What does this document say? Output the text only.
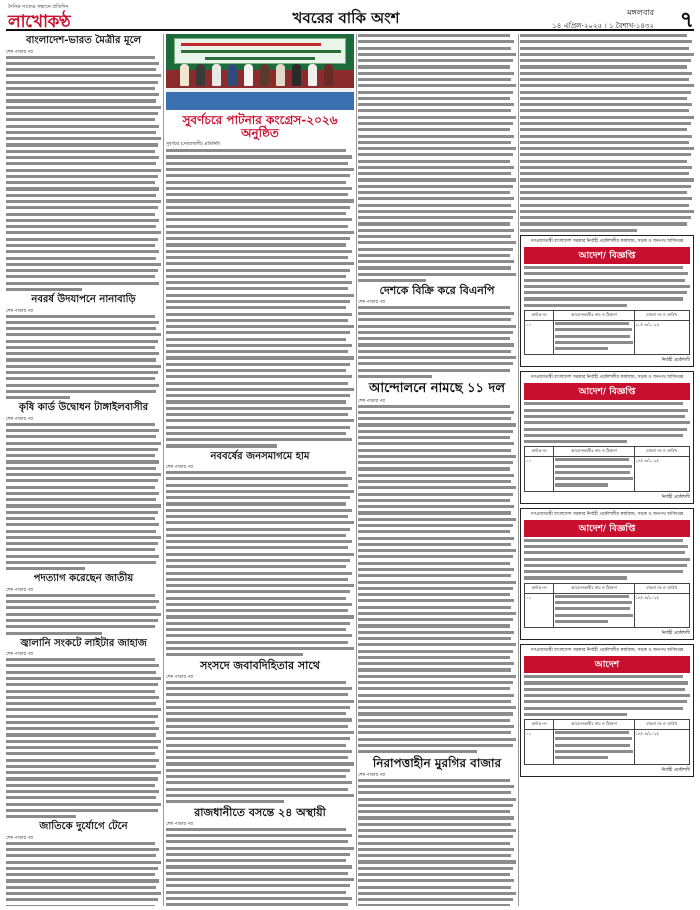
দৈনিক সত্যের সন্ধানে প্রতিদিন
লাখোকণ্ঠ	খবরের বাকি অংশ	মঙ্গলবার
১৪ এপ্রিল-২০২৫ । ১ বৈশাখ-১৪৩২ ৭
বাংলাদেশ-ভারত মৈত্রীর মূলে
শেষ পাতার পর
নবরর্ষ উদযাপনে নানাবাড়ি
শেষ পাতার পর
কৃষি কার্ড উদ্বোধন টাঙ্গাইলবাসীর
শেষ পাতার পর
পদত্যাগ করেছেন জাতীয়
শেষ পাতার পর
জ্বালানি সংকটে লাইটার জাহাজ
শেষ পাতার পর
জাতিকে দুর্যোগে টেনে
শেষ পাতার পর
সুবর্ণচরে পাটনার কংগ্রেস-২০২৬ অনুষ্ঠিত
সুবর্ণচর (নোয়াখালী) প্রতিনিধি
নববর্ষের জনসমাগমে হাম
শেষ পাতার পর
সংসদে জবাবদিহিতার সাথে
শেষ পাতার পর
রাজধানীতে বসন্তে ২৪ অস্থায়ী
শেষ পাতার পর
দেশকে বিক্রি করে বিএনপি
শেষ পাতার পর
আন্দোলনে নামছে ১১ দল
শেষ পাতার পর
নিরাপত্তাহীন মুরগির বাজার
শেষ পাতার পর
গণপ্রজাতন্ত্রী বাংলাদেশ সরকার নির্বাহী প্রকৌশলীর কার্যালয়, সড়ক ও জনপথ অধিদপ্তর
আদেশ/ বিজ্ঞপ্তি
ক্রমিক নং	আবেদনকারীর নাম ও ঠিকানা	মামলা নং ও তারিখ
০১		২০/০৪/২০২৫
নির্বাহী প্রকৌশলী
গণপ্রজাতন্ত্রী বাংলাদেশ সরকার নির্বাহী প্রকৌশলীর কার্যালয়, সড়ক ও জনপথ অধিদপ্তর
আদেশ/ বিজ্ঞপ্তি
ক্রমিক নং	আবেদনকারীর নাম ও ঠিকানা	মামলা নং ও তারিখ
০১		১৪/০৪/২০২৫
নির্বাহী প্রকৌশলী
গণপ্রজাতন্ত্রী বাংলাদেশ সরকার নির্বাহী প্রকৌশলীর কার্যালয়, সড়ক ও জনপথ অধিদপ্তর
আদেশ/ বিজ্ঞপ্তি
ক্রমিক নং	আবেদনকারীর নাম ও ঠিকানা	মামলা নং ও তারিখ
০১		১৪/০৪/২০২৫
নির্বাহী প্রকৌশলী
গণপ্রজাতন্ত্রী বাংলাদেশ সরকার নির্বাহী প্রকৌশলীর কার্যালয়, সড়ক ও জনপথ অধিদপ্তর
আদেশ
ক্রমিক নং	আবেদনকারীর নাম ও ঠিকানা	মামলা নং ও তারিখ
০১		১৪/০৪/২০২৫
নির্বাহী প্রকৌশলী
